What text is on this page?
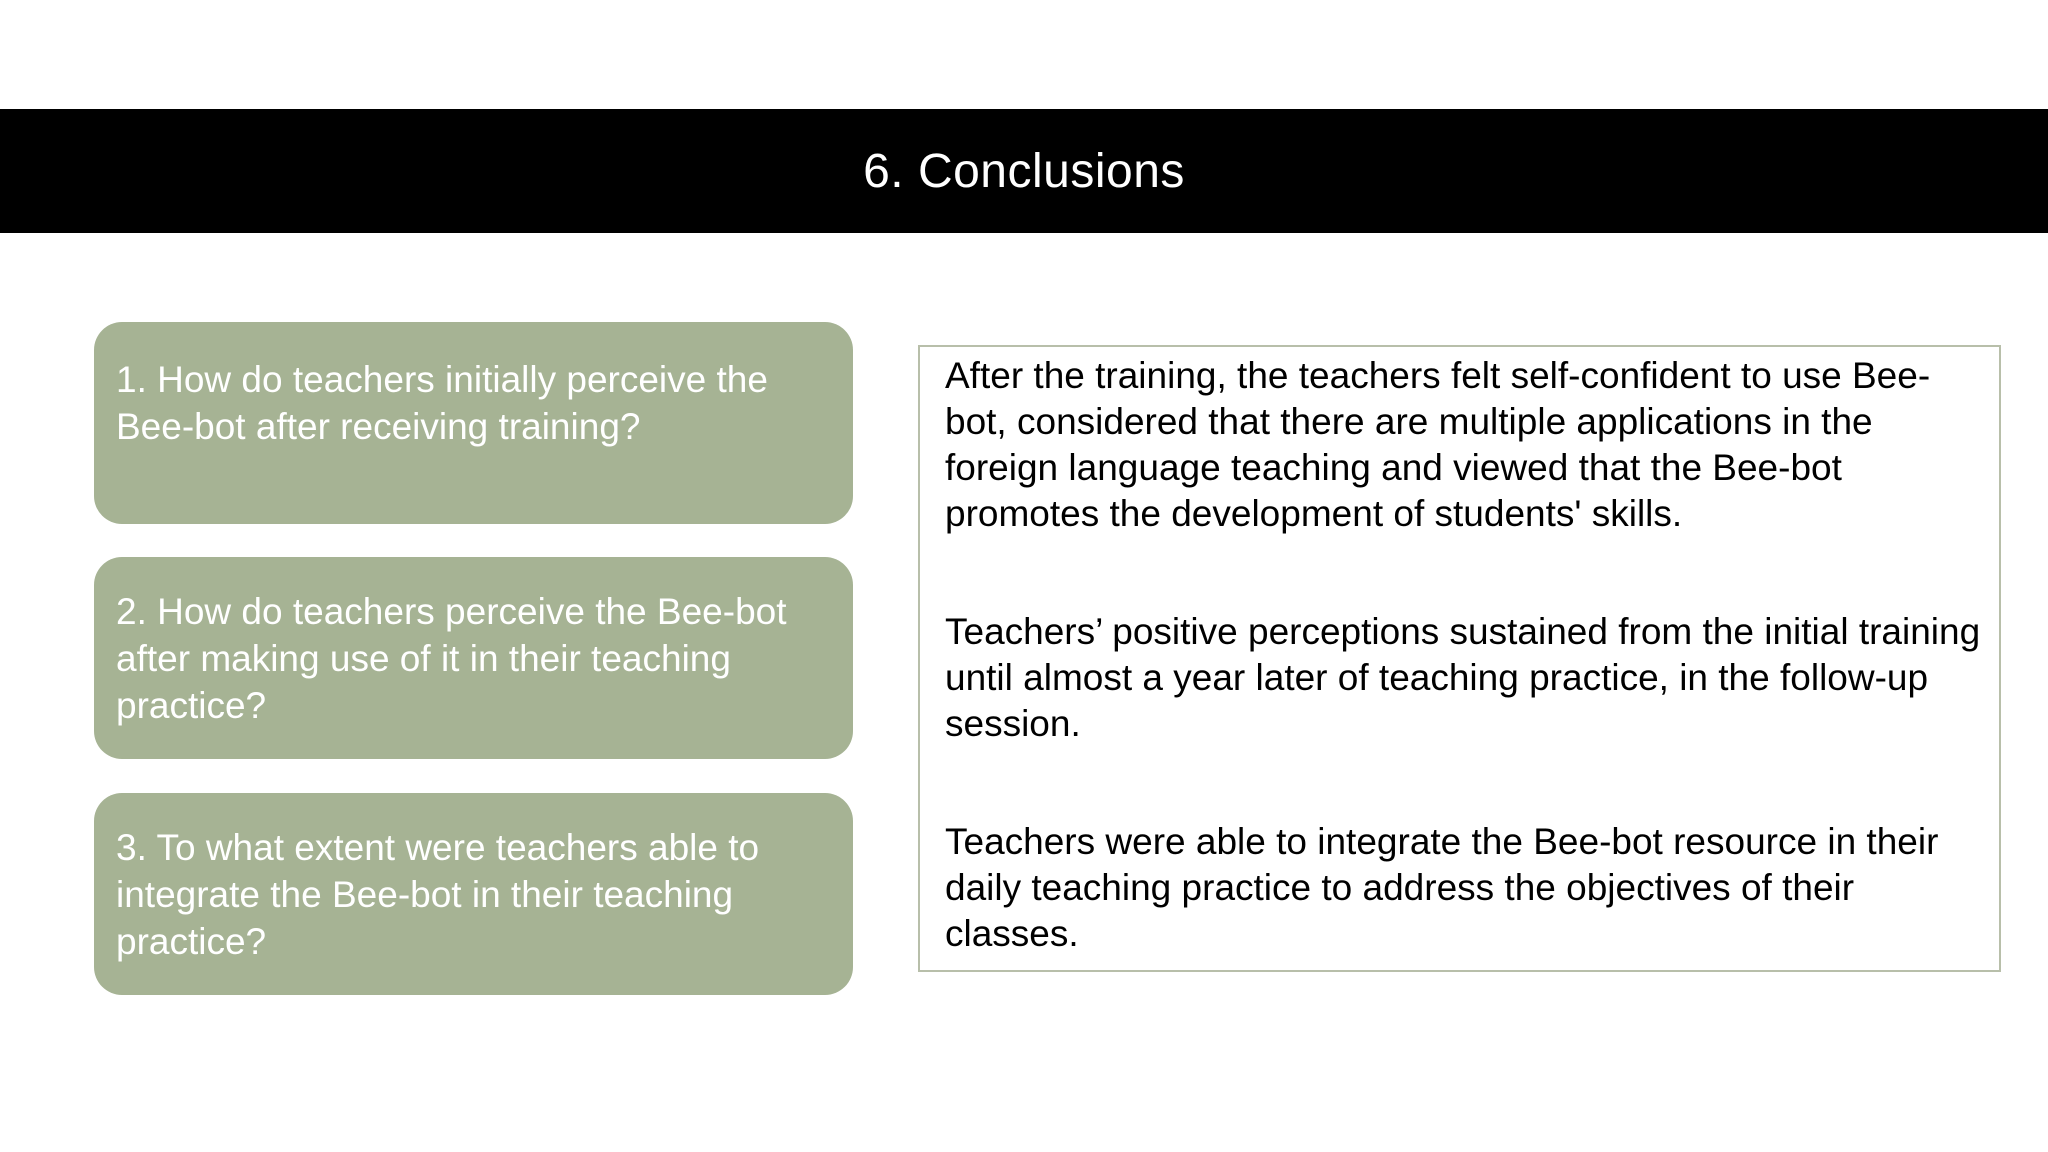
6. Conclusions
1. How do teachers initially perceive the Bee-bot after receiving training?
2. How do teachers perceive the Bee-bot after making use of it in their teaching practice?
3. To what extent were teachers able to integrate the Bee-bot in their teaching practice?
After the training, the teachers felt self-confident to use Bee-bot, considered that there are multiple applications in the foreign language teaching and viewed that the Bee-bot promotes the development of students' skills.
Teachers’ positive perceptions sustained from the initial training until almost a year later of teaching practice, in the follow-up session.
Teachers were able to integrate the Bee-bot resource in their daily teaching practice to address the objectives of their classes.
